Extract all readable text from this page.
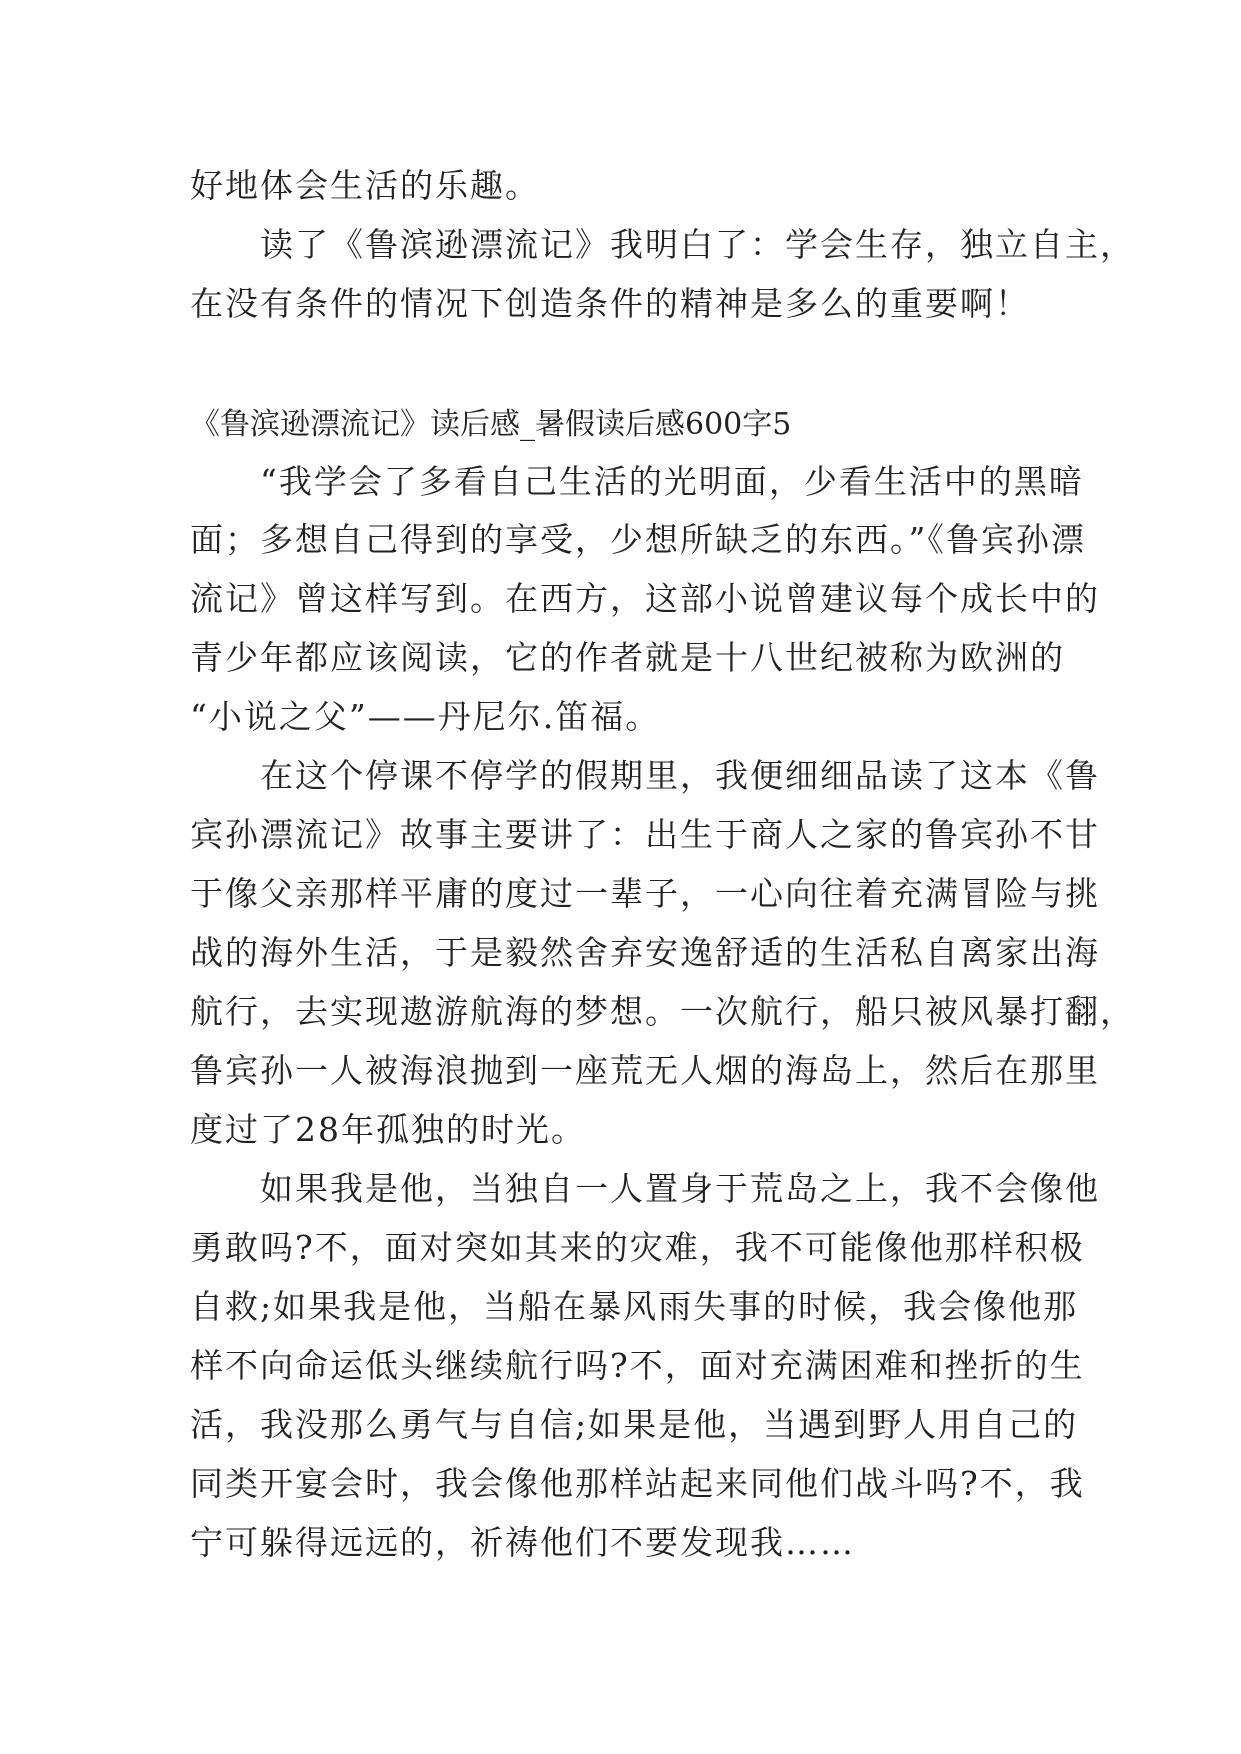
好地体会生活的乐趣。

　　读了《鲁滨逊漂流记》我明白了：学会生存，独立自主，

在没有条件的情况下创造条件的精神是多么的重要啊！

《鲁滨逊漂流记》读后感_暑假读后感600字5

　　“我学会了多看自己生活的光明面，少看生活中的黑暗

面；多想自己得到的享受，少想所缺乏的东西。”《鲁宾孙漂

流记》曾这样写到。在西方，这部小说曾建议每个成长中的

青少年都应该阅读，它的作者就是十八世纪被称为欧洲的

“小说之父”——丹尼尔.笛福。

　　在这个停课不停学的假期里，我便细细品读了这本《鲁

宾孙漂流记》故事主要讲了：出生于商人之家的鲁宾孙不甘

于像父亲那样平庸的度过一辈子，一心向往着充满冒险与挑

战的海外生活，于是毅然舍弃安逸舒适的生活私自离家出海

航行，去实现遨游航海的梦想。一次航行，船只被风暴打翻，

鲁宾孙一人被海浪抛到一座荒无人烟的海岛上，然后在那里

度过了28年孤独的时光。

　　如果我是他，当独自一人置身于荒岛之上，我不会像他

勇敢吗?不，面对突如其来的灾难，我不可能像他那样积极

自救;如果我是他，当船在暴风雨失事的时候，我会像他那

样不向命运低头继续航行吗?不，面对充满困难和挫折的生

活，我没那么勇气与自信;如果是他，当遇到野人用自己的

同类开宴会时，我会像他那样站起来同他们战斗吗?不，我

宁可躲得远远的，祈祷他们不要发现我……
